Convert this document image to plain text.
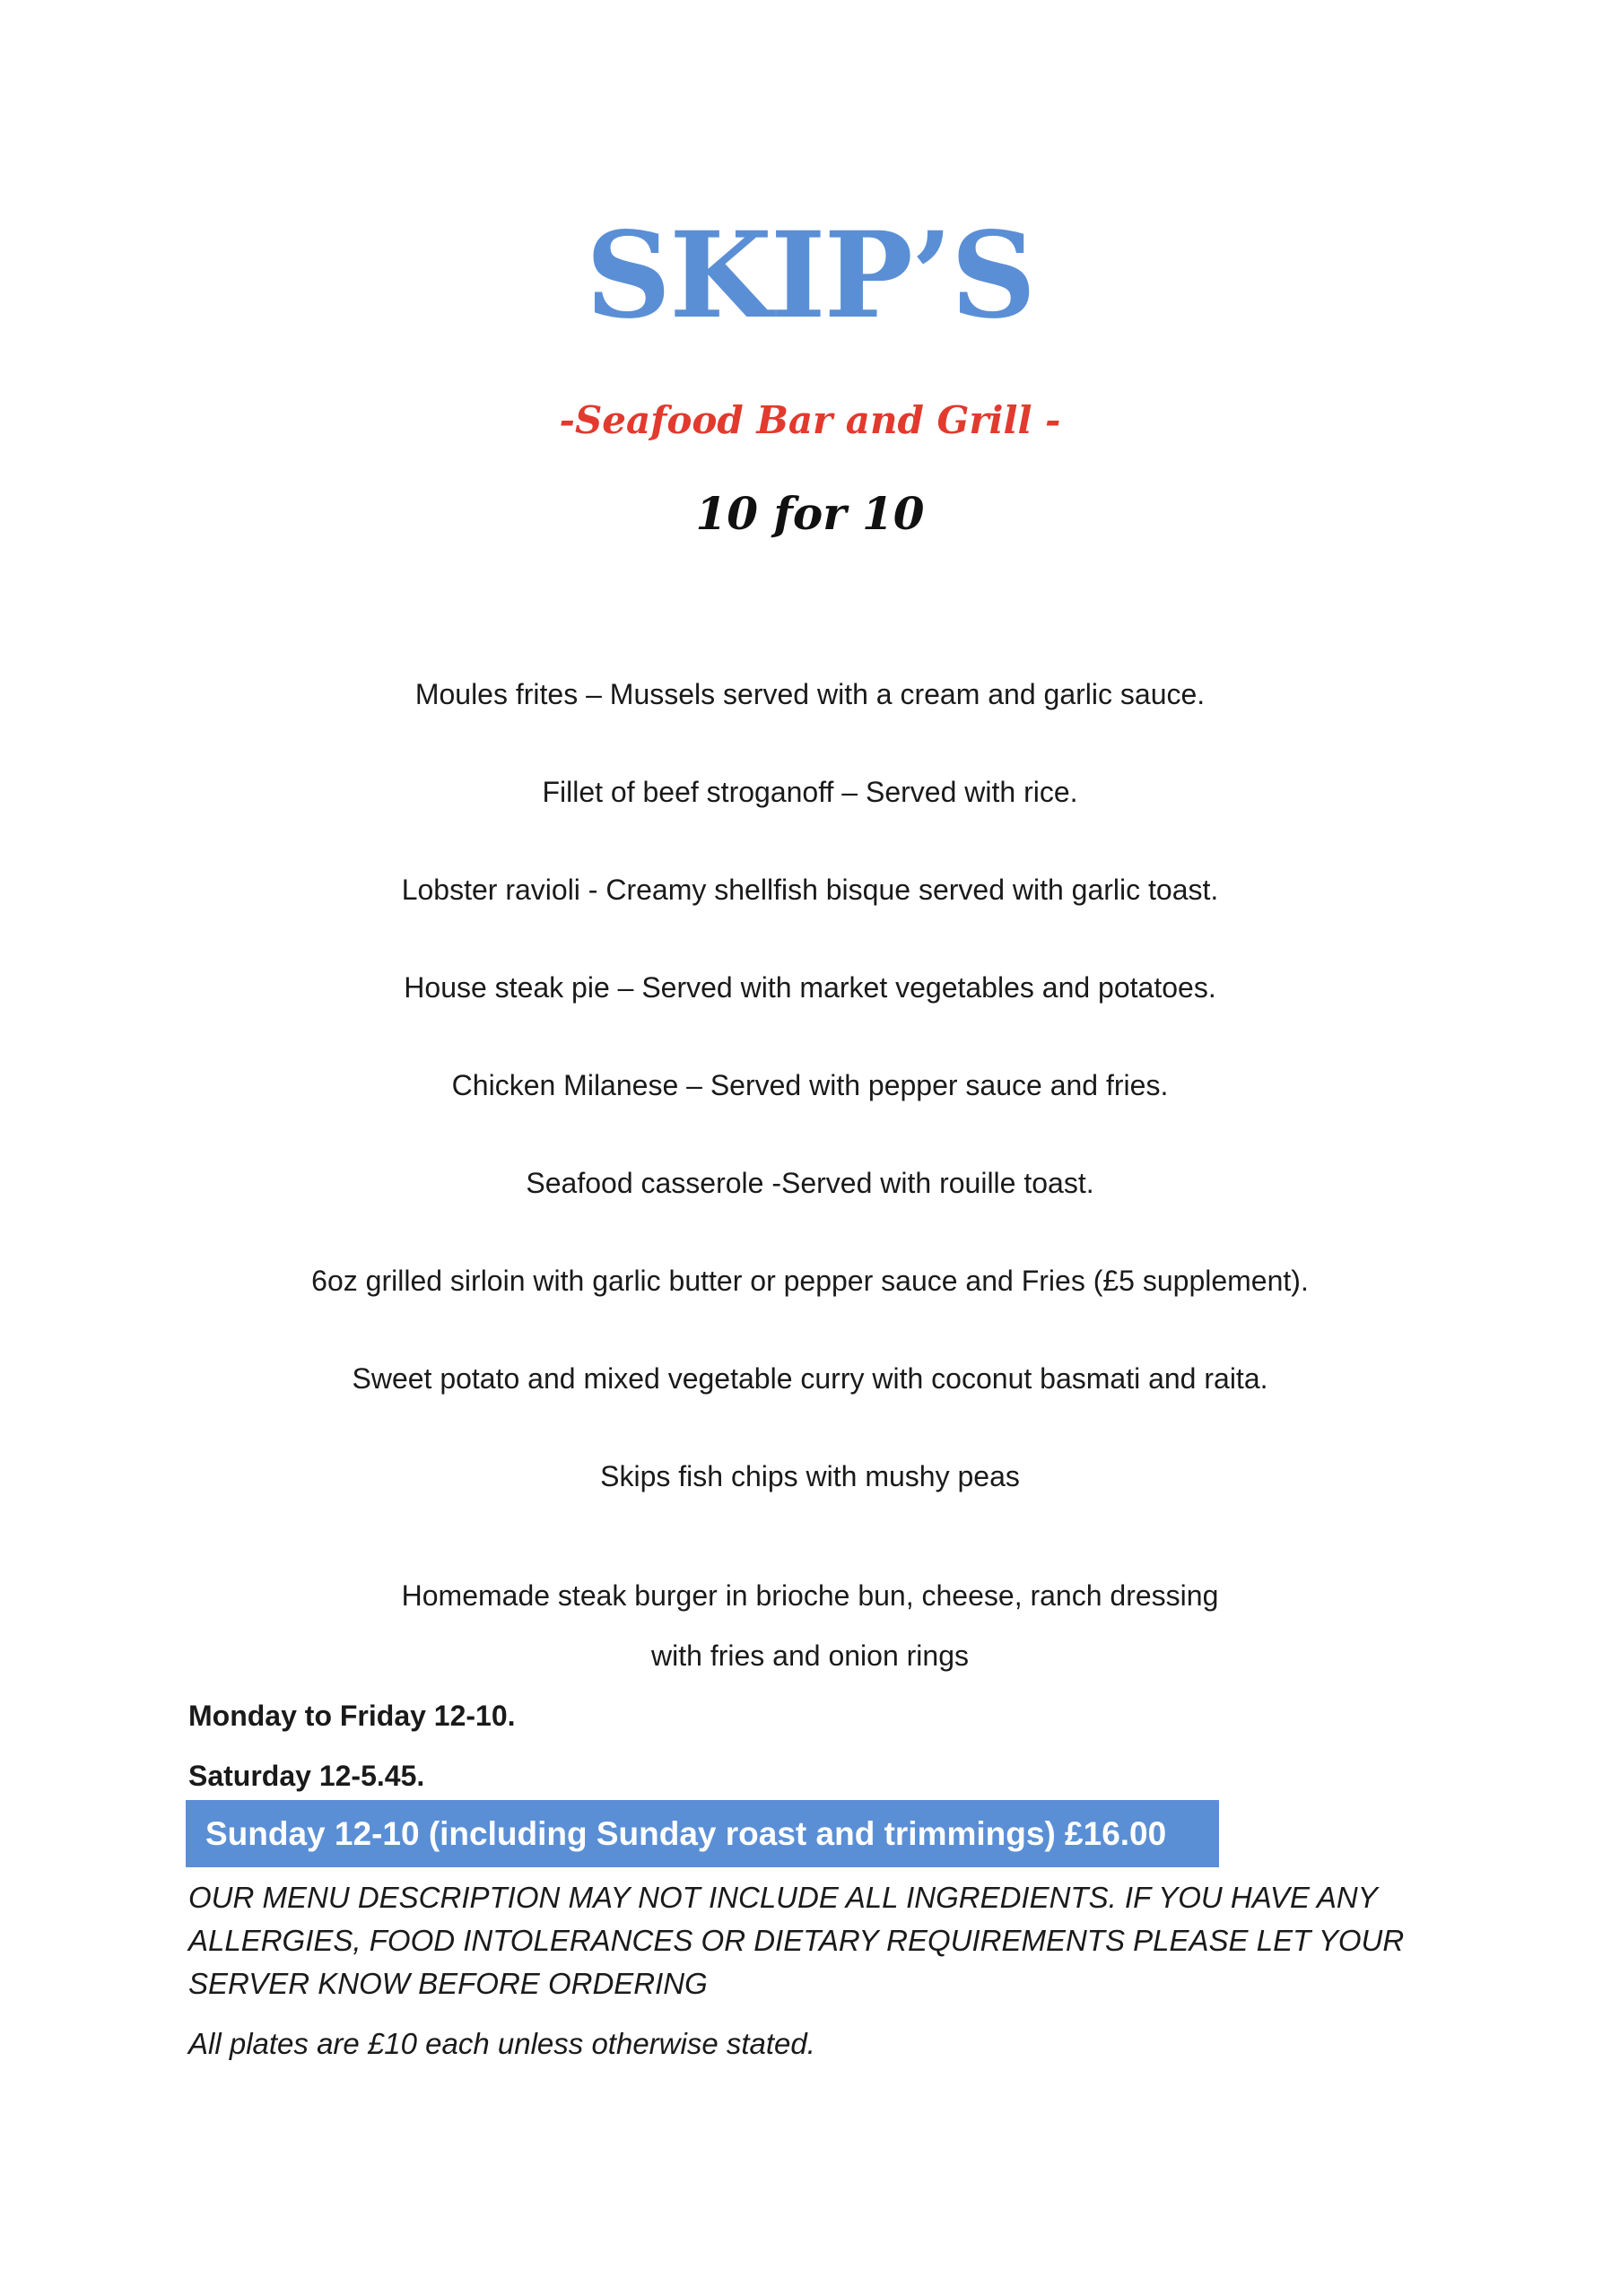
SKIP’S
-Seafood Bar and Grill -
10 for 10
Moules frites – Mussels served with a cream and garlic sauce.
Fillet of beef stroganoff – Served with rice.
Lobster ravioli - Creamy shellfish bisque served with garlic toast.
House steak pie – Served with market vegetables and potatoes.
Chicken Milanese – Served with pepper sauce and fries.
Seafood casserole -Served with rouille toast.
6oz grilled sirloin with garlic butter or pepper sauce and Fries (£5 supplement).
Sweet potato and mixed vegetable curry with coconut basmati and raita.
Skips fish chips with mushy peas
Homemade steak burger in brioche bun, cheese, ranch dressing
with fries and onion rings
Monday to Friday 12-10.
Saturday 12-5.45.
Sunday 12-10 (including Sunday roast and trimmings) £16.00
OUR MENU DESCRIPTION MAY NOT INCLUDE ALL INGREDIENTS. IF YOU HAVE ANY ALLERGIES, FOOD INTOLERANCES OR DIETARY REQUIREMENTS PLEASE LET YOUR SERVER KNOW BEFORE ORDERING
All plates are £10 each unless otherwise stated.
